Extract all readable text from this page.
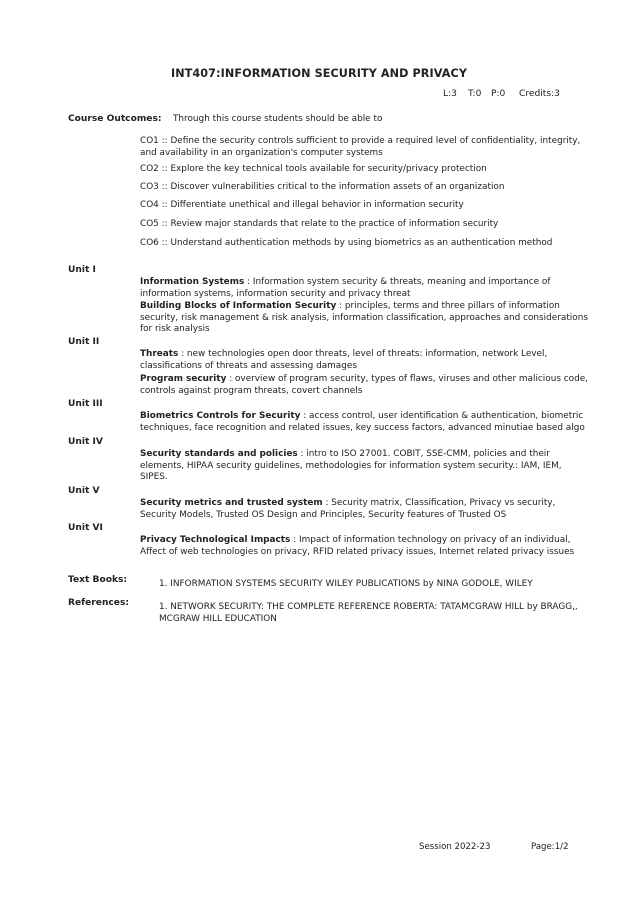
INT407:INFORMATION SECURITY AND PRIVACY
L:3 T:0 P:0 Credits:3
Course Outcomes: Through this course students should be able to
CO1 :: Define the security controls sufficient to provide a required level of confidentiality, integrity, and availability in an organization's computer systems
CO2 :: Explore the key technical tools available for security/privacy protection
CO3 :: Discover vulnerabilities critical to the information assets of an organization
CO4 :: Differentiate unethical and illegal behavior in information security
CO5 :: Review major standards that relate to the practice of information security
CO6 :: Understand authentication methods by using biometrics as an authentication method
Unit I
Information Systems : Information system security & threats, meaning and importance of information systems, information security and privacy threat
Building Blocks of Information Security : principles, terms and three pillars of information security, risk management & risk analysis, information classification, approaches and considerations for risk analysis
Unit II
Threats : new technologies open door threats, level of threats: information, network Level, classifications of threats and assessing damages
Program security : overview of program security, types of flaws, viruses and other malicious code, controls against program threats, covert channels
Unit III
Biometrics Controls for Security : access control, user identification & authentication, biometric techniques, face recognition and related issues, key success factors, advanced minutiae based algo
Unit IV
Security standards and policies : intro to ISO 27001. COBIT, SSE-CMM, policies and their elements, HIPAA security guidelines, methodologies for information system security.: IAM, IEM, SIPES.
Unit V
Security metrics and trusted system : Security matrix, Classification, Privacy vs security, Security Models, Trusted OS Design and Principles, Security features of Trusted OS
Unit VI
Privacy Technological Impacts : Impact of information technology on privacy of an individual, Affect of web technologies on privacy, RFID related privacy issues, Internet related privacy issues
Text Books:	1. INFORMATION SYSTEMS SECURITY WILEY PUBLICATIONS by NINA GODOLE, WILEY
References:	1. NETWORK SECURITY: THE COMPLETE REFERENCE ROBERTA: TATAMCGRAW HILL by BRAGG,, MCGRAW HILL EDUCATION
Session 2022-23	Page:1/2
